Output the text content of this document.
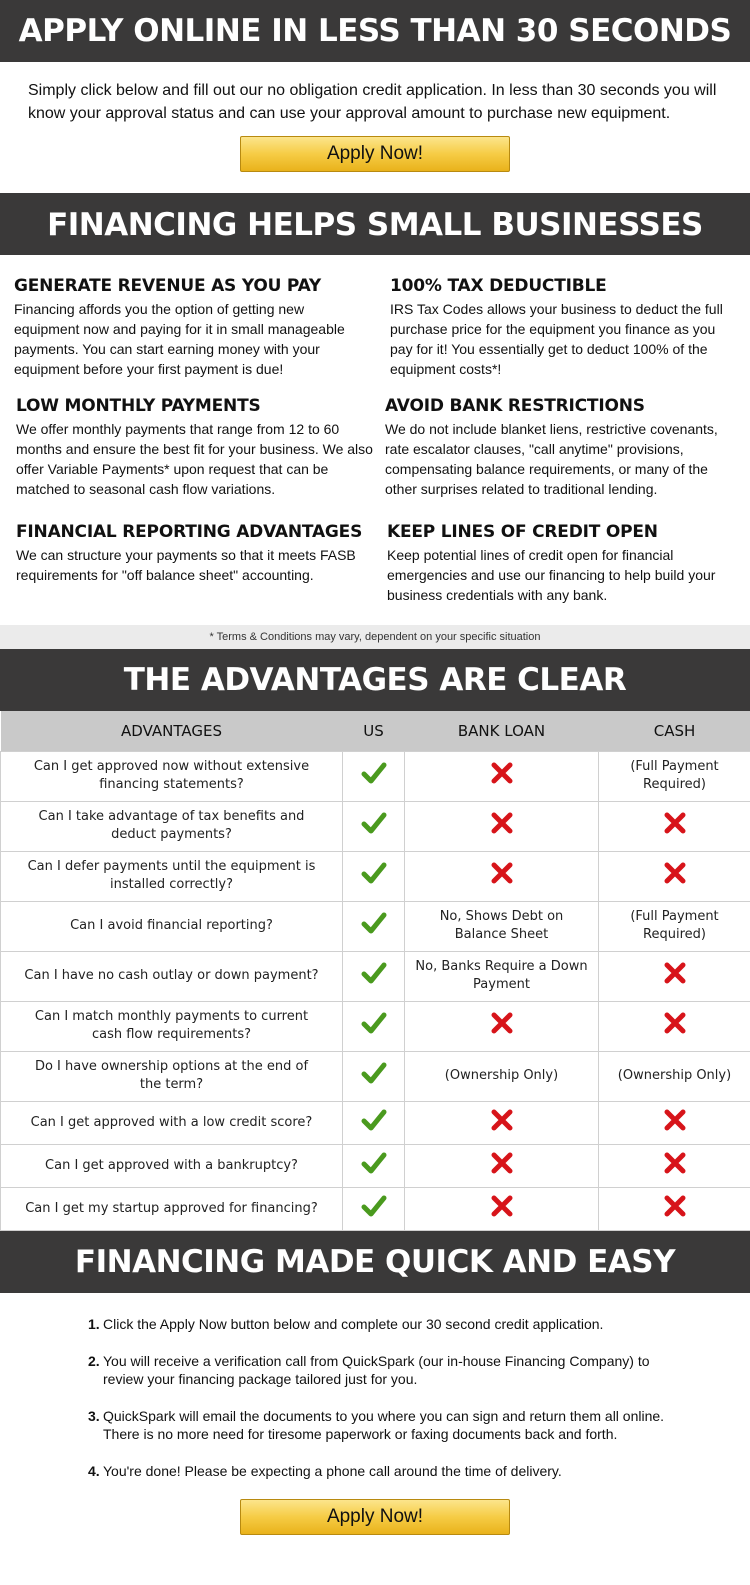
APPLY ONLINE IN LESS THAN 30 SECONDS
Simply click below and fill out our no obligation credit application. In less than 30 seconds you will know your approval status and can use your approval amount to purchase new equipment.
Apply Now!
FINANCING HELPS SMALL BUSINESSES GROW
GENERATE REVENUE AS YOU PAY

Financing affords you the option of getting new equipment now and paying for it in small manageable payments. You can start earning money with your equipment before your first payment is due!

100% TAX DEDUCTIBLE

IRS Tax Codes allows your business to deduct the full purchase price for the equipment you finance as you pay for it! You essentially get to deduct 100% of the equipment costs*!

LOW MONTHLY PAYMENTS

We offer monthly payments that range from 12 to 60 months and ensure the best fit for your business. We also offer Variable Payments* upon request that can be matched to seasonal cash flow variations.

AVOID BANK RESTRICTIONS

We do not include blanket liens, restrictive covenants, rate escalator clauses, "call anytime" provisions, compensating balance requirements, or many of the other surprises related to traditional lending.

FINANCIAL REPORTING ADVANTAGES

We can structure your payments so that it meets FASB requirements for "off balance sheet" accounting.

KEEP LINES OF CREDIT OPEN

Keep potential lines of credit open for financial emergencies and use our financing to help build your business credentials with any bank.

* Terms & Conditions may vary, dependent on your specific situation
THE ADVANTAGES ARE CLEAR
ADVANTAGES	US	BANK LOAN	CASH
Can I get approved now without extensive financing statements?			(Full Payment Required)
Can I take advantage of tax benefits and deduct payments?			
Can I defer payments until the equipment is installed correctly?			
Can I avoid financial reporting?		No, Shows Debt on Balance Sheet	(Full Payment Required)
Can I have no cash outlay or down payment?		No, Banks Require a Down Payment	
Can I match monthly payments to current cash flow requirements?			
Do I have ownership options at the end of the term?		(Ownership Only)	(Ownership Only)
Can I get approved with a low credit score?			
Can I get approved with a bankruptcy?			
Can I get my startup approved for financing?			
FINANCING MADE QUICK AND EASY
1. Click the Apply Now button below and complete our 30 second credit application.
2. You will receive a verification call from QuickSpark (our in-house Financing Company) to review your financing package tailored just for you.
3. QuickSpark will email the documents to you where you can sign and return them all online. There is no more need for tiresome paperwork or faxing documents back and forth.
4. You're done! Please be expecting a phone call around the time of delivery.
Apply Now!
